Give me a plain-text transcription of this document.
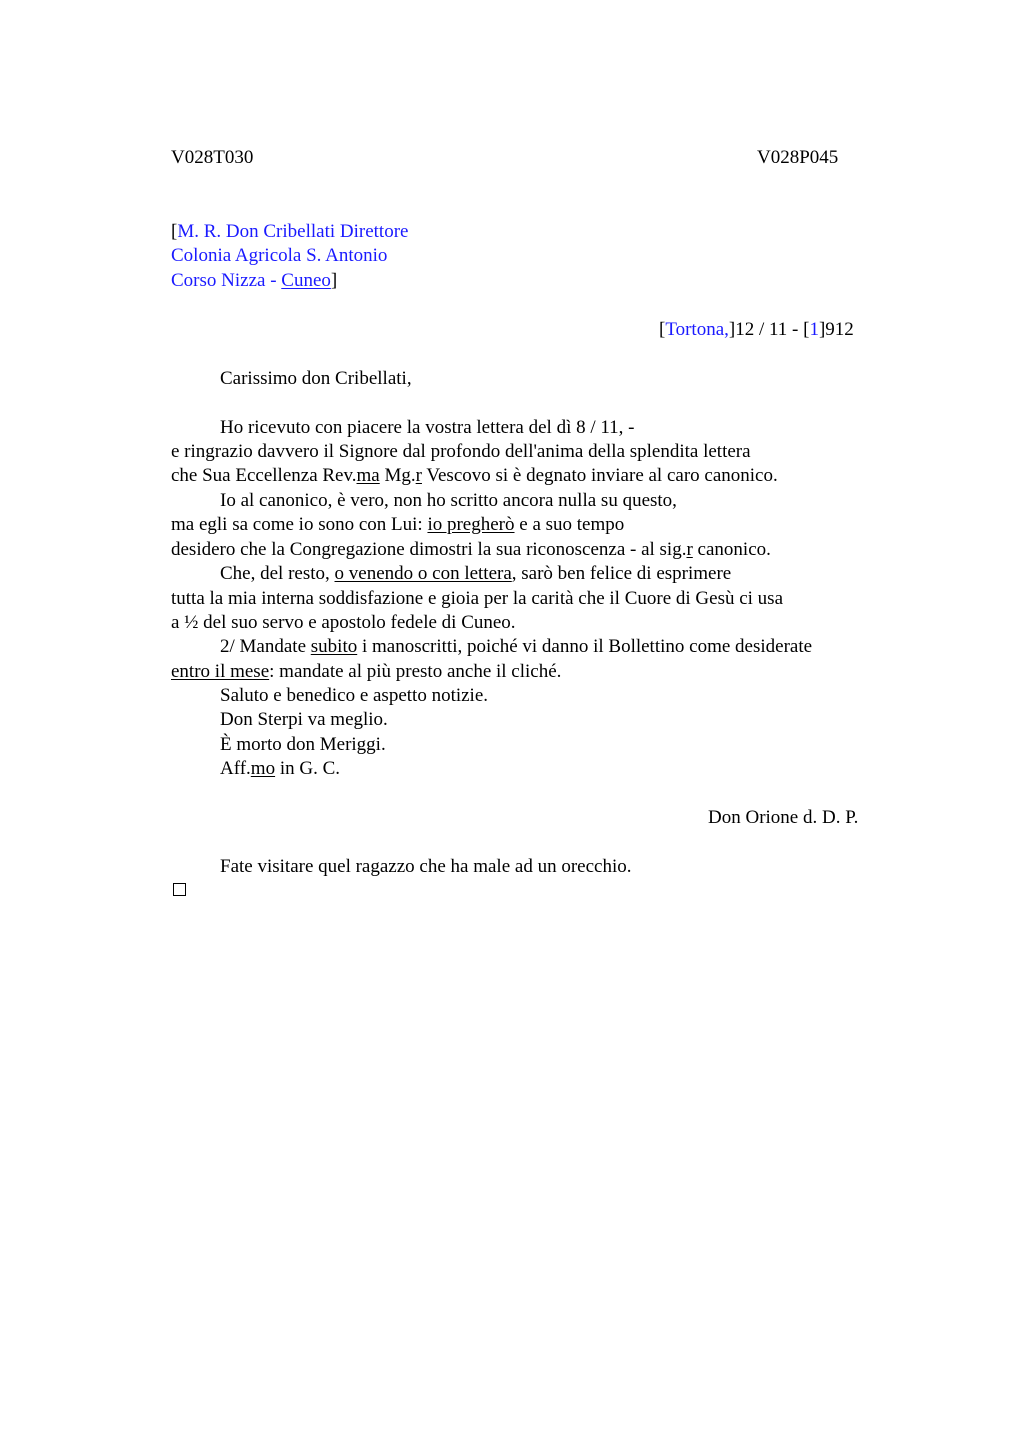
V028T030	V028P045
[M. R. Don Cribellati Direttore
Colonia Agricola S. Antonio
Corso Nizza - Cuneo]
[Tortona,]12 / 11 - [1]912
Carissimo don Cribellati,
Ho ricevuto con piacere la vostra lettera del dì 8 / 11, -
e ringrazio davvero il Signore dal profondo dell'anima della splendita lettera
che Sua Eccellenza Rev.ma Mg.r Vescovo si è degnato inviare al caro canonico.
Io al canonico, è vero, non ho scritto ancora nulla su questo,
ma egli sa come io sono con Lui: io pregherò e a suo tempo
desidero che la Congregazione dimostri la sua riconoscenza - al sig.r canonico.
Che, del resto, o venendo o con lettera, sarò ben felice di esprimere
tutta la mia interna soddisfazione e gioia per la carità che il Cuore di Gesù ci usa
a ½ del suo servo e apostolo fedele di Cuneo.
2/ Mandate subito i manoscritti, poiché vi danno il Bollettino come desiderate
entro il mese: mandate al più presto anche il cliché.
Saluto e benedico e aspetto notizie.
Don Sterpi va meglio.
È morto don Meriggi.
Aff.mo in G. C.
Don Orione d. D. P.
Fate visitare quel ragazzo che ha male ad un orecchio.
